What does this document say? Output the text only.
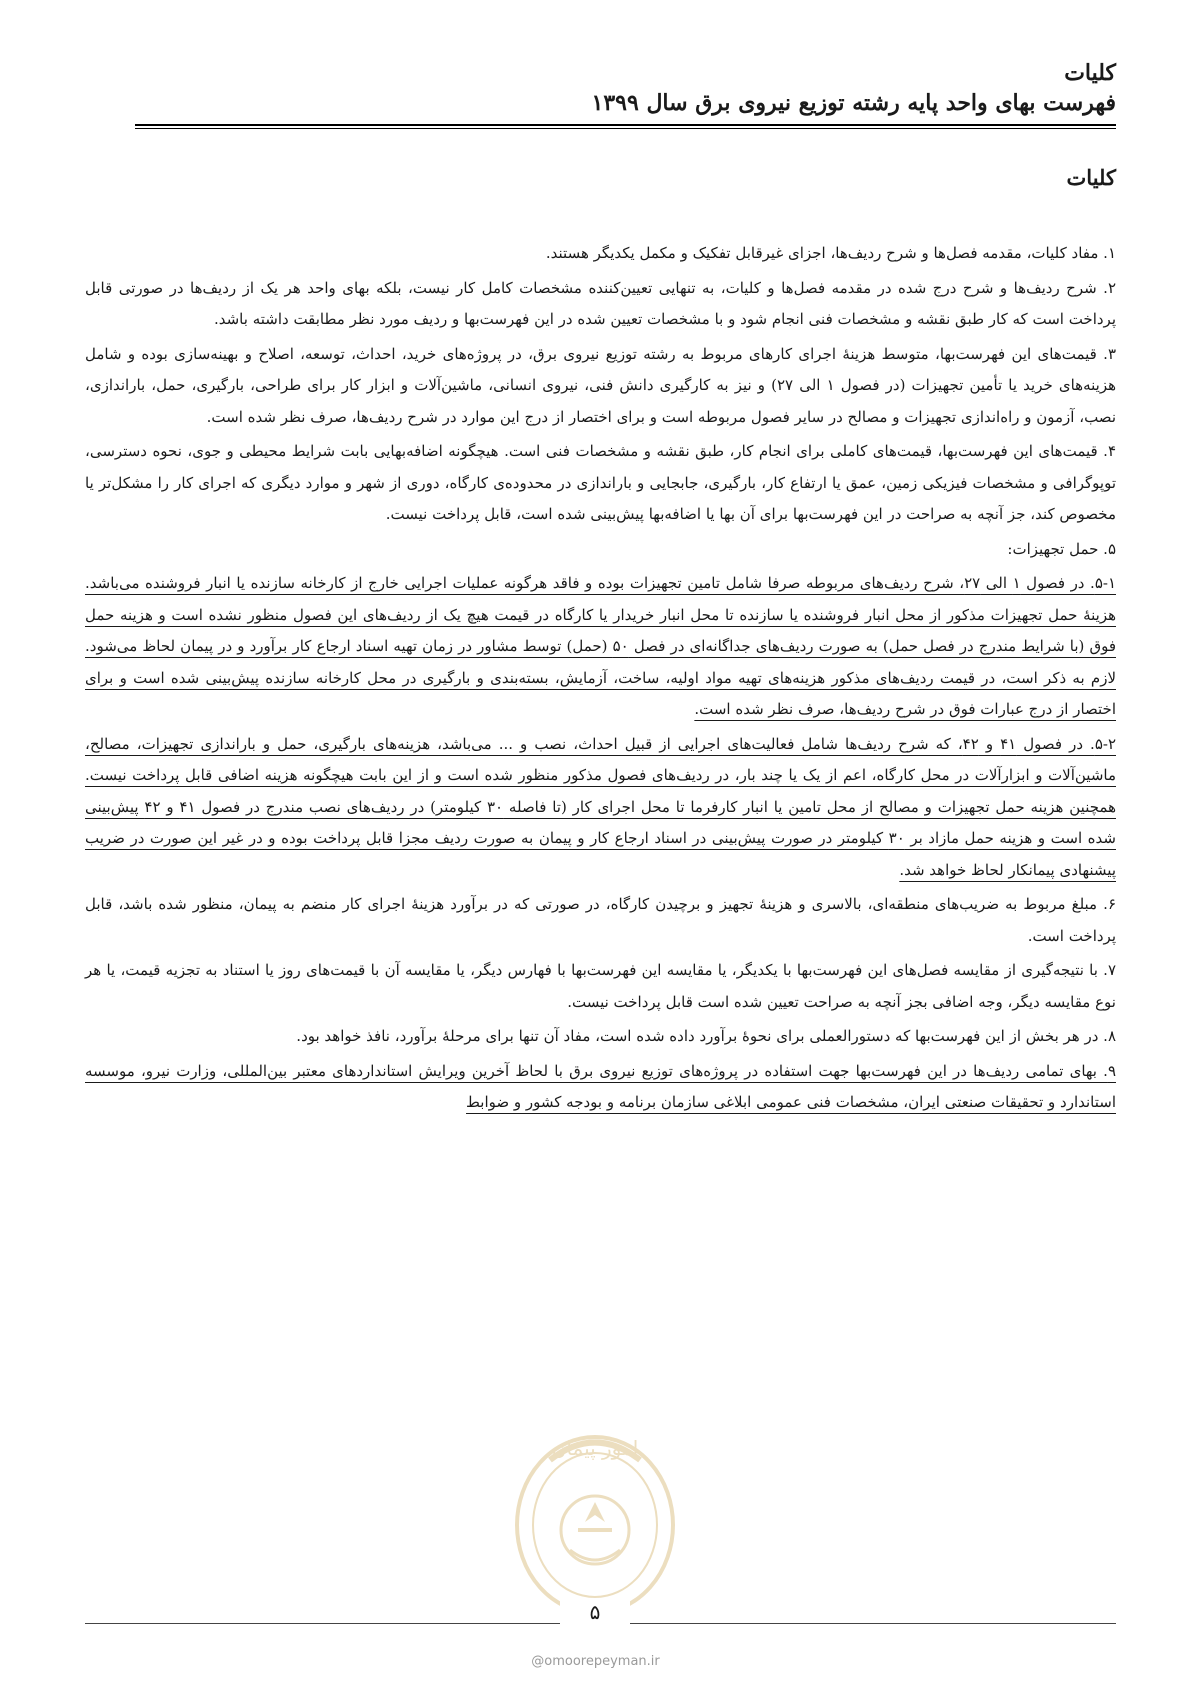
کلیات
فهرست بهای واحد پایه رشته توزیع نیروی برق سال ۱۳۹۹
کلیات

۱. مفاد کلیات، مقدمه فصل‌ها و شرح ردیف‌ها، اجزای غیرقابل تفکیک و مکمل یکدیگر هستند.

۲. شرح ردیف‌ها و شرح درج شده در مقدمه فصل‌ها و کلیات، به تنهایی تعیین‌کننده مشخصات کامل کار نیست، بلکه بهای واحد هر یک از ردیف‌ها در صورتی قابل پرداخت است که کار طبق نقشه و مشخصات فنی انجام شود و با مشخصات تعیین شده در این فهرست‌بها و ردیف مورد نظر مطابقت داشته باشد.

۳. قیمت‌های این فهرست‌بها، متوسط هزینهٔ اجرای کارهای مربوط به رشته توزیع نیروی برق، در پروژه‌های خرید، احداث، توسعه، اصلاح و بهینه‌سازی بوده و شامل هزینه‌های خرید یا تأمین تجهیزات (در فصول ۱ الی ۲۷) و نیز به کارگیری دانش فنی، نیروی انسانی، ماشین‌آلات و ابزار کار برای طراحی، بارگیری، حمل، باراندازی، نصب، آزمون و راه‌اندازی تجهیزات و مصالح در سایر فصول مربوطه است و برای اختصار از درج این موارد در شرح ردیف‌ها، صرف نظر شده است.

۴. قیمت‌های این فهرست‌بها، قیمت‌های کاملی برای انجام کار، طبق نقشه و مشخصات فنی است. هیچگونه اضافه‌بهایی بابت شرایط محیطی و جوی، نحوه دسترسی، توپوگرافی و مشخصات فیزیکی زمین، عمق یا ارتفاع کار، بارگیری، جابجایی و باراندازی در محدوده‌ی کارگاه، دوری از شهر و موارد دیگری که اجرای کار را مشکل‌تر یا مخصوص کند، جز آنچه به صراحت در این فهرست‌بها برای آن بها یا اضافه‌بها پیش‌بینی شده است، قابل پرداخت نیست.

۵. حمل تجهیزات:

۵-۱. در فصول ۱ الی ۲۷، شرح ردیف‌های مربوطه صرفا شامل تامین تجهیزات بوده و فاقد هرگونه عملیات اجرایی خارج از کارخانه سازنده یا انبار فروشنده می‌باشد. هزینهٔ حمل تجهیزات مذکور از محل انبار فروشنده یا سازنده تا محل انبار خریدار یا کارگاه در قیمت هیچ یک از ردیف‌های این فصول منظور نشده است و هزینه حمل فوق (با شرایط مندرج در فصل حمل) به صورت ردیف‌های جداگانه‌ای در فصل ۵۰ (حمل) توسط مشاور در زمان تهیه اسناد ارجاع کار برآورد و در پیمان لحاظ می‌شود. لازم به ذکر است، در قیمت ردیف‌های مذکور هزینه‌های تهیه مواد اولیه، ساخت، آزمایش، بسته‌بندی و بارگیری در محل کارخانه سازنده پیش‌بینی شده است و برای اختصار از درج عبارات فوق در شرح ردیف‌ها، صرف نظر شده است.

۵-۲. در فصول ۴۱ و ۴۲، که شرح ردیف‌ها شامل فعالیت‌های اجرایی از قبیل احداث، نصب و ... می‌باشد، هزینه‌های بارگیری، حمل و باراندازی تجهیزات، مصالح، ماشین‌آلات و ابزارآلات در محل کارگاه، اعم از یک یا چند بار، در ردیف‌های فصول مذکور منظور شده است و از این بابت هیچگونه هزینه اضافی قابل پرداخت نیست. همچنین هزینه حمل تجهیزات و مصالح از محل تامین یا انبار کارفرما تا محل اجرای کار (تا فاصله ۳۰ کیلومتر) در ردیف‌های نصب مندرج در فصول ۴۱ و ۴۲ پیش‌بینی شده است و هزینه حمل مازاد بر ۳۰ کیلومتر در صورت پیش‌بینی در اسناد ارجاع کار و پیمان به صورت ردیف مجزا قابل پرداخت بوده و در غیر این صورت در ضریب پیشنهادی پیمانکار لحاظ خواهد شد.

۶. مبلغ مربوط به ضریب‌های منطقه‌ای، بالاسری و هزینهٔ تجهیز و برچیدن کارگاه، در صورتی که در برآورد هزینهٔ اجرای کار منضم به پیمان، منظور شده باشد، قابل پرداخت است.

۷. با نتیجه‌گیری از مقایسه فصل‌های این فهرست‌بها با یکدیگر، یا مقایسه این فهرست‌بها با فهارس دیگر، یا مقایسه آن با قیمت‌های روز یا استناد به تجزیه قیمت، یا هر نوع مقایسه دیگر، وجه اضافی بجز آنچه به صراحت تعیین شده است قابل پرداخت نیست.

۸. در هر بخش از این فهرست‌بها که دستورالعملی برای نحوهٔ برآورد داده شده است، مفاد آن تنها برای مرحلهٔ برآورد، نافذ خواهد بود.

۹. بهای تمامی ردیف‌ها در این فهرست‌بها جهت استفاده در پروژه‌های توزیع نیروی برق با لحاظ آخرین ویرایش استانداردهای معتبر بین‌المللی، وزارت نیرو، موسسه استاندارد و تحقیقات صنعتی ایران، مشخصات فنی عمومی ابلاغی سازمان برنامه و بودجه کشور و ضوابط

امور پیمان
۵
@omoorepeyman.ir
